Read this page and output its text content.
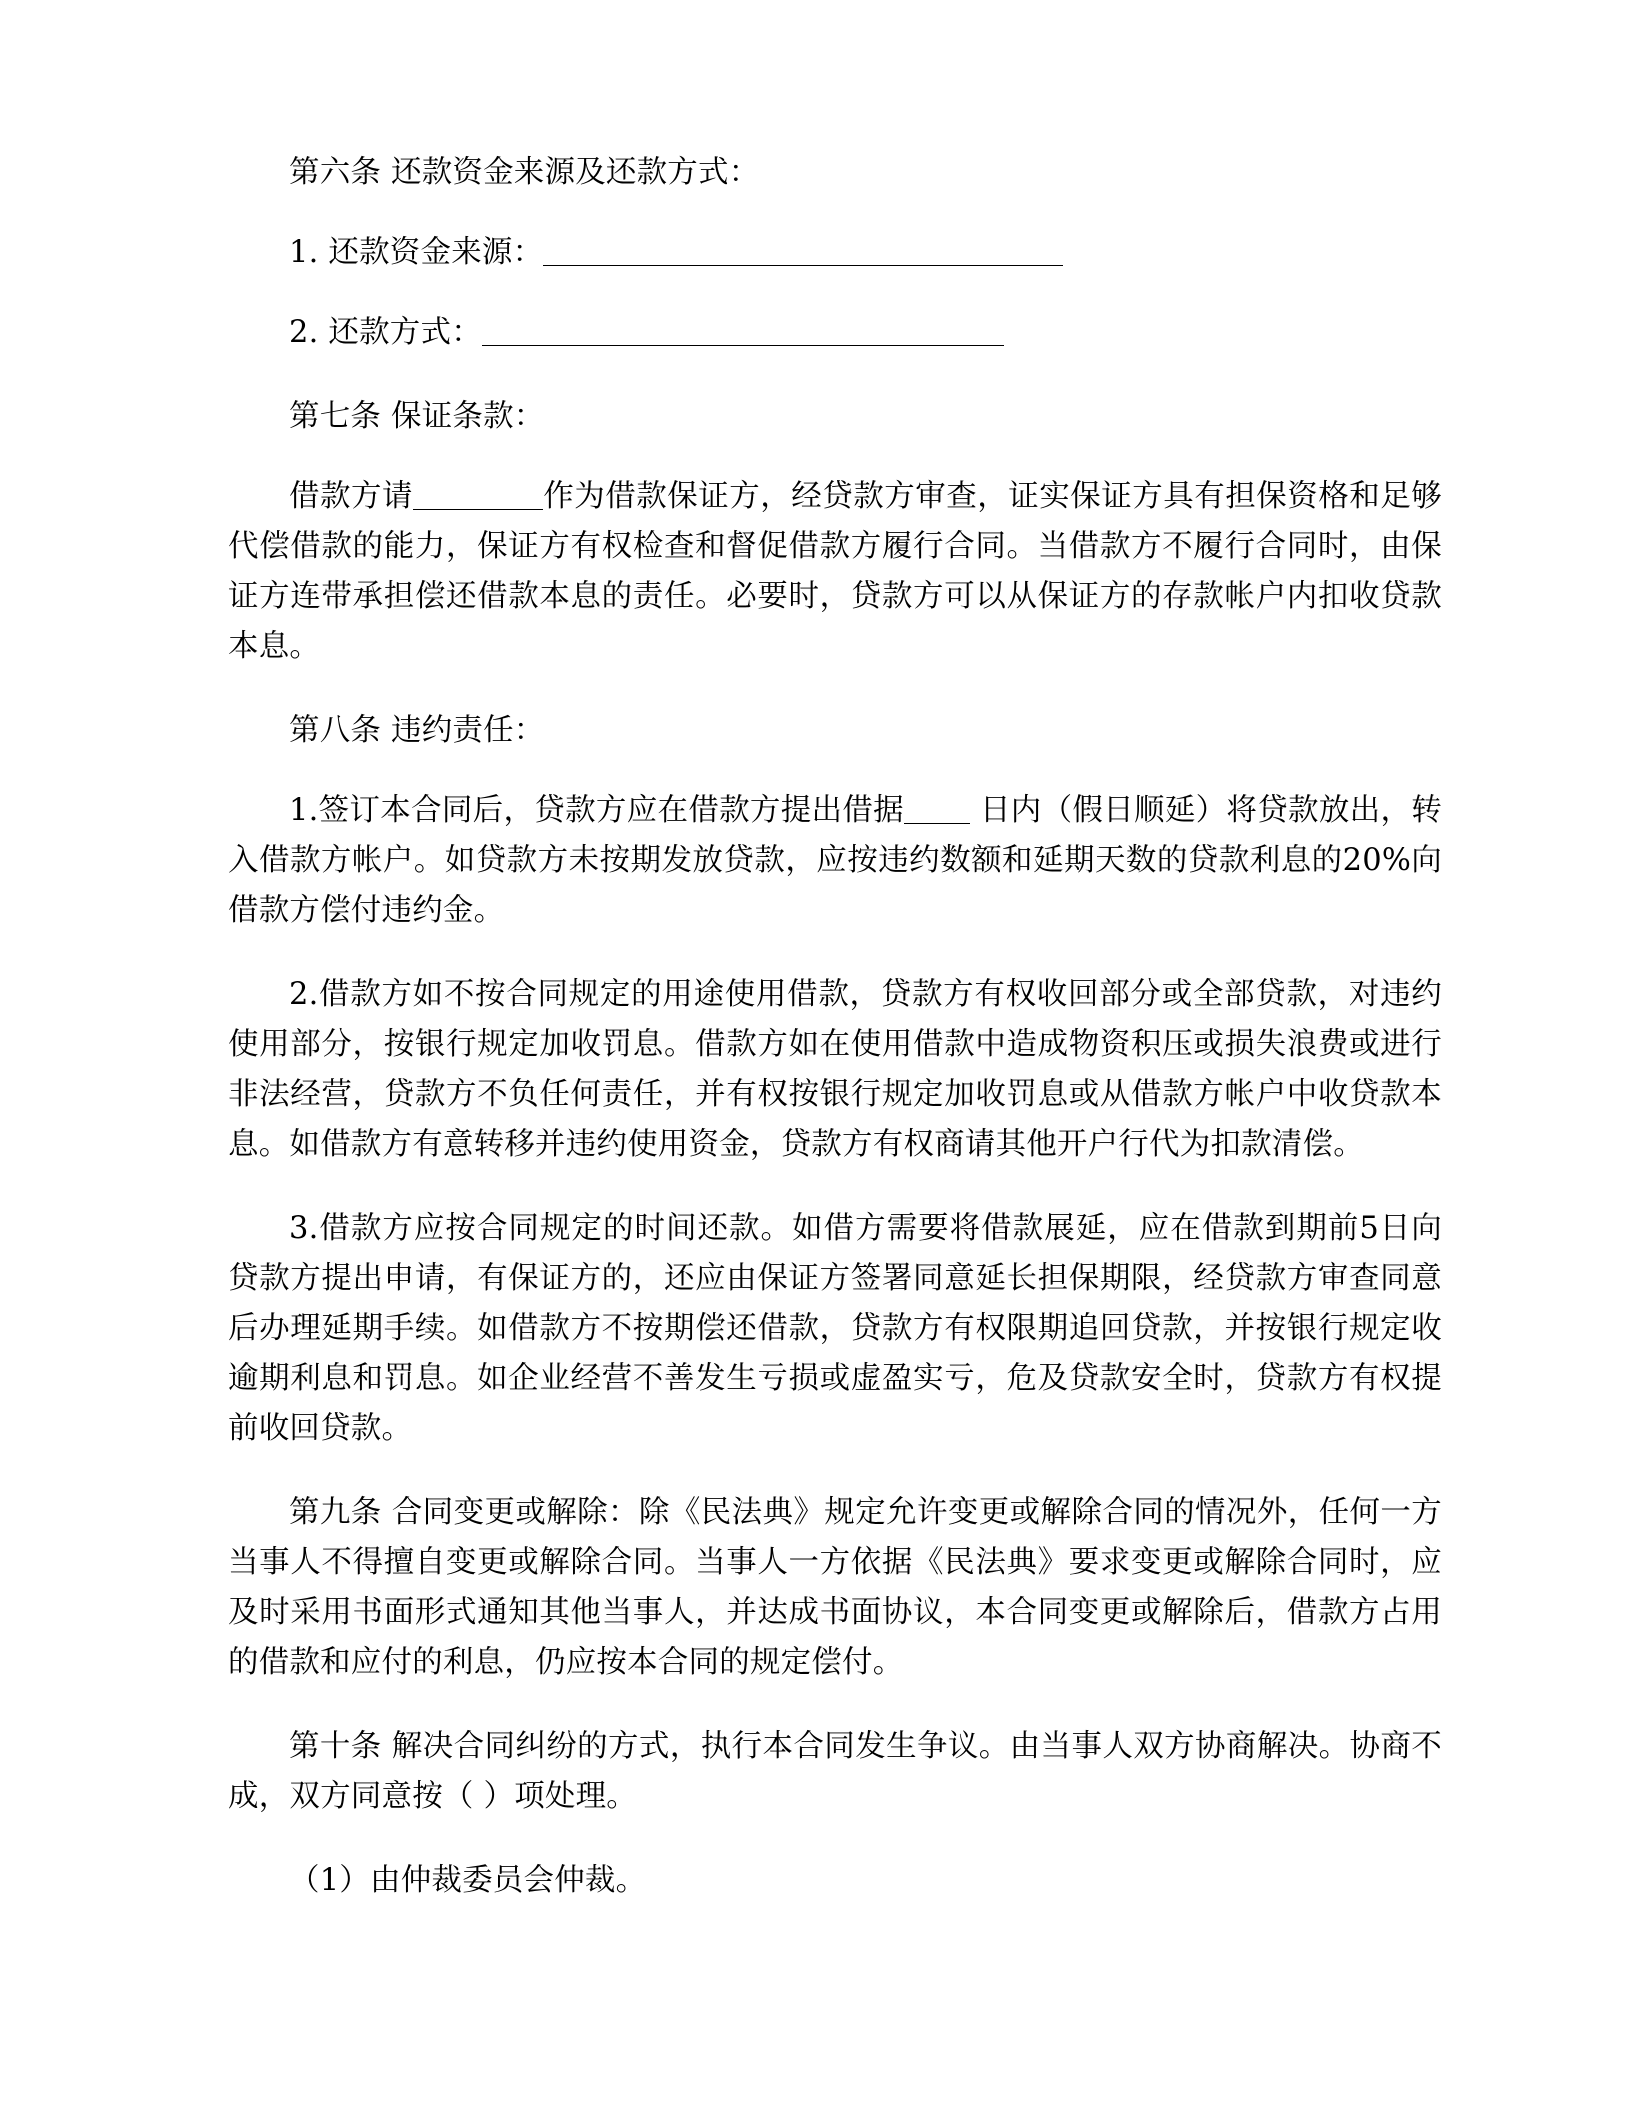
第六条 还款资金来源及还款方式：

1. 还款资金来源：

2. 还款方式：

第七条 保证条款：

借款方请	作为借款保证方，经贷款方审查，证实保证方具有担保资格和足够代偿借款的能力，保证方有权检查和督促借款方履行合同。当借款方不履行合同时，由保证方连带承担偿还借款本息的责任。必要时，贷款方可以从保证方的存款帐户内扣收贷款本息。

第八条 违约责任：

1.签订本合同后，贷款方应在借款方提出借据 日内（假日顺延）将贷款放出，转入借款方帐户。如贷款方未按期发放贷款，应按违约数额和延期天数的贷款利息的20%向借款方偿付违约金。

2.借款方如不按合同规定的用途使用借款，贷款方有权收回部分或全部贷款，对违约使用部分，按银行规定加收罚息。借款方如在使用借款中造成物资积压或损失浪费或进行非法经营，贷款方不负任何责任，并有权按银行规定加收罚息或从借款方帐户中收贷款本息。如借款方有意转移并违约使用资金，贷款方有权商请其他开户行代为扣款清偿。

3.借款方应按合同规定的时间还款。如借方需要将借款展延，应在借款到期前5日向贷款方提出申请，有保证方的，还应由保证方签署同意延长担保期限，经贷款方审查同意后办理延期手续。如借款方不按期偿还借款，贷款方有权限期追回贷款，并按银行规定收逾期利息和罚息。如企业经营不善发生亏损或虚盈实亏，危及贷款安全时，贷款方有权提前收回贷款。

第九条 合同变更或解除：除《民法典》规定允许变更或解除合同的情况外，任何一方当事人不得擅自变更或解除合同。当事人一方依据《民法典》要求变更或解除合同时，应及时采用书面形式通知其他当事人，并达成书面协议，本合同变更或解除后，借款方占用的借款和应付的利息，仍应按本合同的规定偿付。

第十条 解决合同纠纷的方式，执行本合同发生争议。由当事人双方协商解决。协商不成，双方同意按（ ）项处理。

（1）由仲裁委员会仲裁。
